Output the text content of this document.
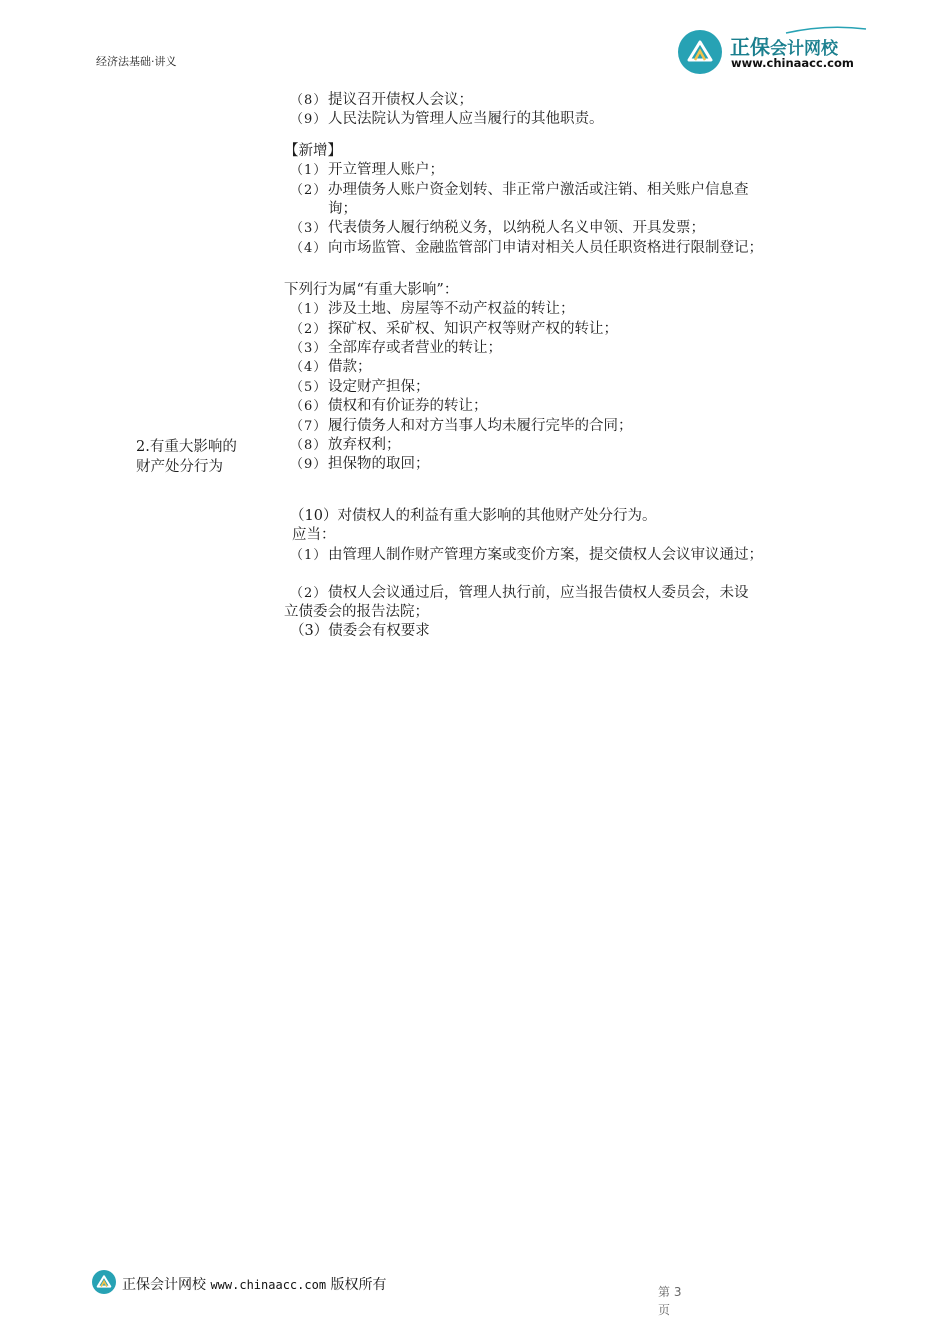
经济法基础·讲义
正保会计网校
www.chinaacc.com
（8）提议召开债权人会议；
（9）人民法院认为管理人应当履行的其他职责。
【新增】
（1）开立管理人账户；
（2）办理债务人账户资金划转、非正常户激活或注销、相关账户信息查
询；
（3）代表债务人履行纳税义务，以纳税人名义申领、开具发票；
（4）向市场监管、金融监管部门申请对相关人员任职资格进行限制登记；
2.有重大影响的
财产处分行为
下列行为属“有重大影响”：
（1）涉及土地、房屋等不动产权益的转让；
（2）探矿权、采矿权、知识产权等财产权的转让；
（3）全部库存或者营业的转让；
（4）借款；
（5）设定财产担保；
（6）债权和有价证券的转让；
（7）履行债务人和对方当事人均未履行完毕的合同；
（8）放弃权利；
（9）担保物的取回；
（10）对债权人的利益有重大影响的其他财产处分行为。
应当：
（1）由管理人制作财产管理方案或变价方案，提交债权人会议审议通过；
（2）债权人会议通过后，管理人执行前，应当报告债权人委员会，未设
立债委会的报告法院；
（3）债委会有权要求
正保会计网校 www.chinaacc.com 版权所有	第 3 页
